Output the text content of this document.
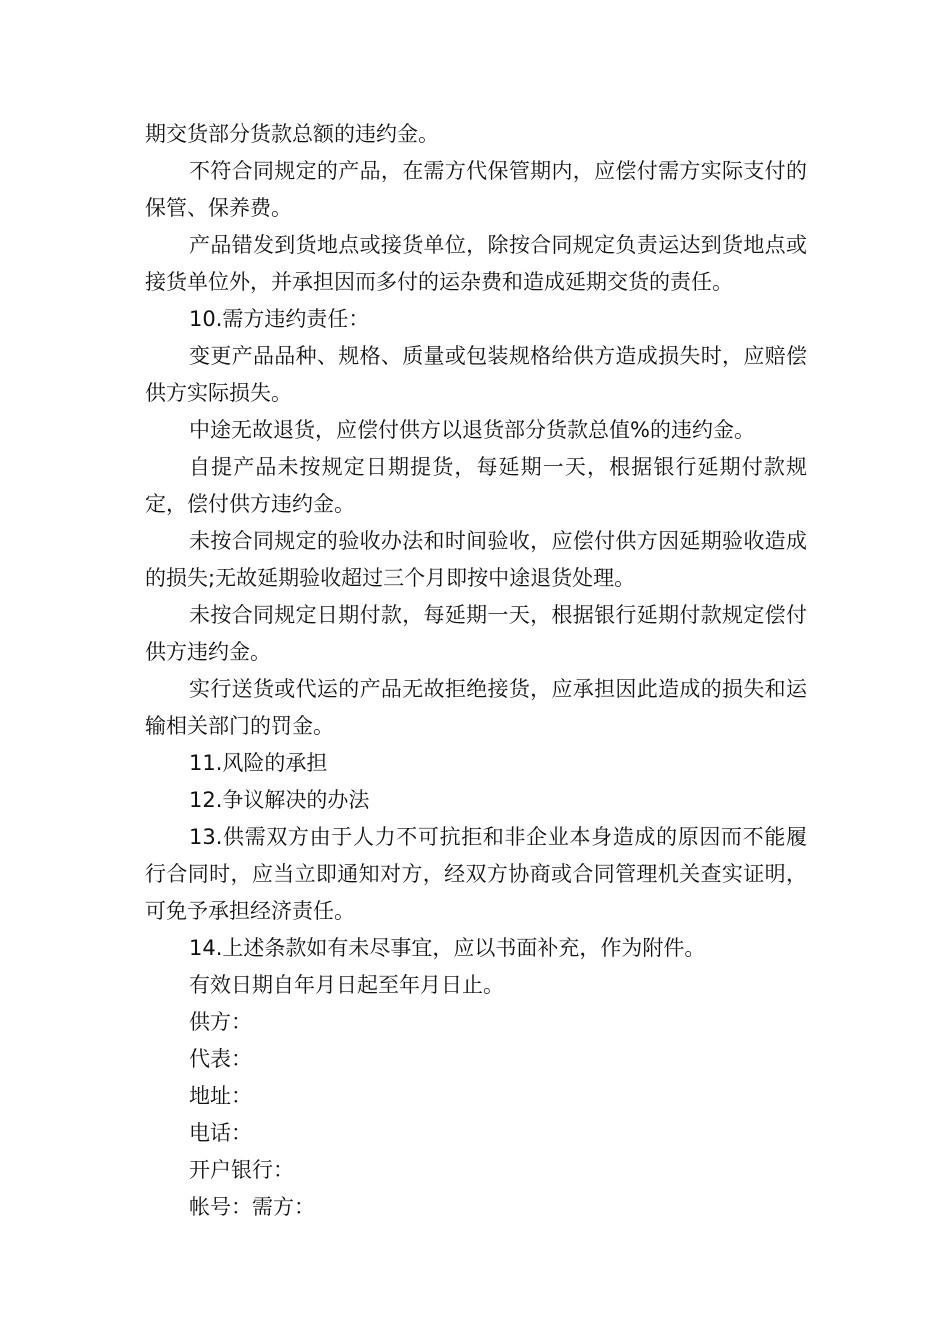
期交货部分货款总额的违约金。

不符合同规定的产品，在需方代保管期内，应偿付需方实际支付的保管、保养费。

产品错发到货地点或接货单位，除按合同规定负责运达到货地点或接货单位外，并承担因而多付的运杂费和造成延期交货的责任。

10.需方违约责任：

变更产品品种、规格、质量或包装规格给供方造成损失时，应赔偿供方实际损失。

中途无故退货，应偿付供方以退货部分货款总值%的违约金。

自提产品未按规定日期提货，每延期一天，根据银行延期付款规定，偿付供方违约金。

未按合同规定的验收办法和时间验收，应偿付供方因延期验收造成的损失;无故延期验收超过三个月即按中途退货处理。

未按合同规定日期付款，每延期一天，根据银行延期付款规定偿付供方违约金。

实行送货或代运的产品无故拒绝接货，应承担因此造成的损失和运输相关部门的罚金。

11.风险的承担

12.争议解决的办法

13.供需双方由于人力不可抗拒和非企业本身造成的原因而不能履行合同时，应当立即通知对方，经双方协商或合同管理机关查实证明，可免予承担经济责任。

14.上述条款如有未尽事宜，应以书面补充，作为附件。

有效日期自年月日起至年月日止。

供方：

代表：

地址：

电话：

开户银行：

帐号：需方：
